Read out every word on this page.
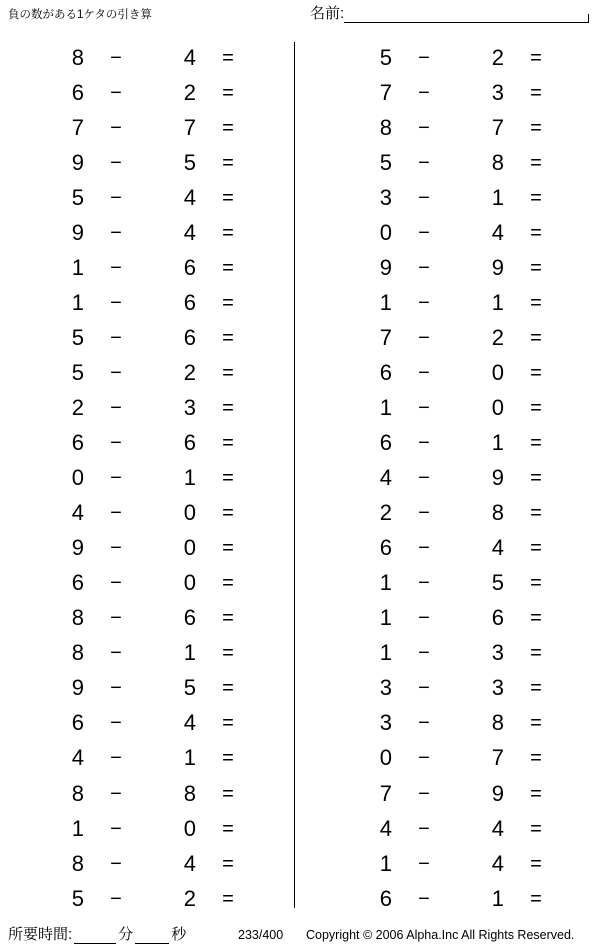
負の数がある1ケタの引き算	名前:
8	−	4	=
6	−	2	=
7	−	7	=
9	−	5	=
5	−	4	=
9	−	4	=
1	−	6	=
1	−	6	=
5	−	6	=
5	−	2	=
2	−	3	=
6	−	6	=
0	−	1	=
4	−	0	=
9	−	0	=
6	−	0	=
8	−	6	=
8	−	1	=
9	−	5	=
6	−	4	=
4	−	1	=
8	−	8	=
1	−	0	=
8	−	4	=
5	−	2	=
5	−	2	=
7	−	3	=
8	−	7	=
5	−	8	=
3	−	1	=
0	−	4	=
9	−	9	=
1	−	1	=
7	−	2	=
6	−	0	=
1	−	0	=
6	−	1	=
4	−	9	=
2	−	8	=
6	−	4	=
1	−	5	=
1	−	6	=
1	−	3	=
3	−	3	=
3	−	8	=
0	−	7	=
7	−	9	=
4	−	4	=
1	−	4	=
6	−	1	=
所要時間:	分	秒	233/400 Copyright © 2006 Alpha.Inc All Rights Reserved.
